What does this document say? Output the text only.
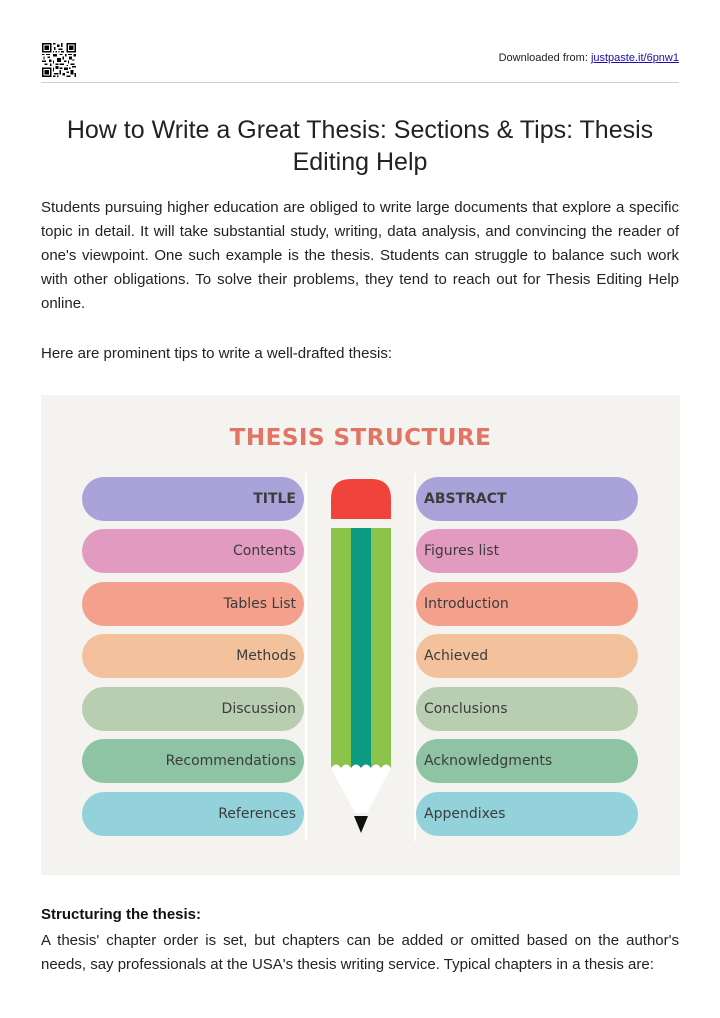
Downloaded from: justpaste.it/6pnw1
How to Write a Great Thesis: Sections & Tips: Thesis Editing Help

Students pursuing higher education are obliged to write large documents that explore a specific topic in detail. It will take substantial study, writing, data analysis, and convincing the reader of one's viewpoint. One such example is the thesis. Students can struggle to balance such work with other obligations. To solve their problems, they tend to reach out for Thesis Editing Help online.

Here are prominent tips to write a well-drafted thesis:

THESIS STRUCTURE
TITLE
Contents
Tables List
Methods
Discussion
Recommendations
References
ABSTRACT
Figures list
Introduction
Achieved
Conclusions
Acknowledgments
Appendixes

Structuring the thesis:

A thesis' chapter order is set, but chapters can be added or omitted based on the author's needs, say professionals at the USA's thesis writing service. Typical chapters in a thesis are:
